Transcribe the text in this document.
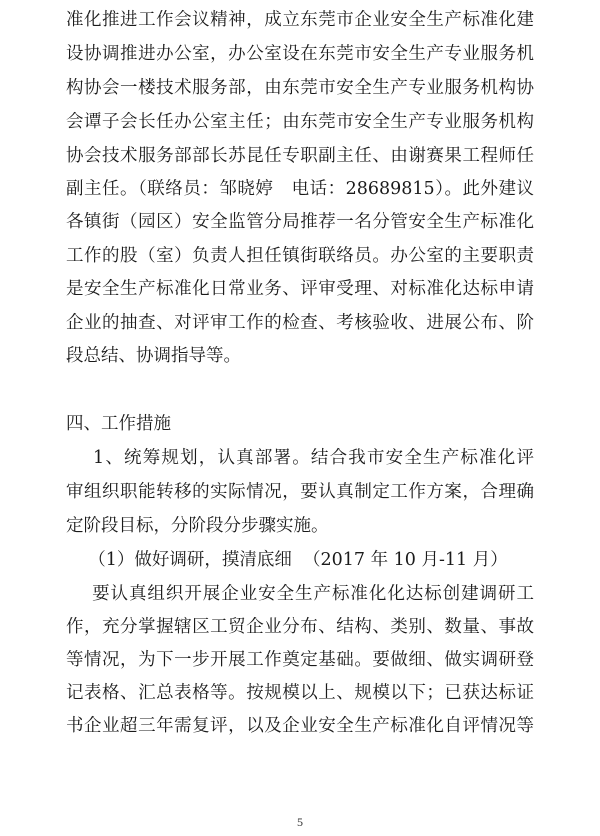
准化推进工作会议精神，成立东莞市企业安全生产标准化建
设协调推进办公室，办公室设在东莞市安全生产专业服务机
构协会一楼技术服务部，由东莞市安全生产专业服务机构协
会谭子会长任办公室主任；由东莞市安全生产专业服务机构
协会技术服务部部长苏昆任专职副主任、由谢赛果工程师任
副主任。（联络员：邹晓婷   电话：28689815）。此外建议
各镇街（园区）安全监管分局推荐一名分管安全生产标准化
工作的股（室）负责人担任镇街联络员。办公室的主要职责
是安全生产标准化日常业务、评审受理、对标准化达标申请
企业的抽查、对评审工作的检查、考核验收、进展公布、阶
段总结、协调指导等。
四、工作措施
1、统筹规划，认真部署。结合我市安全生产标准化评
审组织职能转移的实际情况，要认真制定工作方案，合理确
定阶段目标，分阶段分步骤实施。
（1）做好调研，摸清底细  （2017 年 10 月-11 月）
要认真组织开展企业安全生产标准化化达标创建调研工
作，充分掌握辖区工贸企业分布、结构、类别、数量、事故
等情况，为下一步开展工作奠定基础。要做细、做实调研登
记表格、汇总表格等。按规模以上、规模以下；已获达标证
书企业超三年需复评，以及企业安全生产标准化自评情况等
5
